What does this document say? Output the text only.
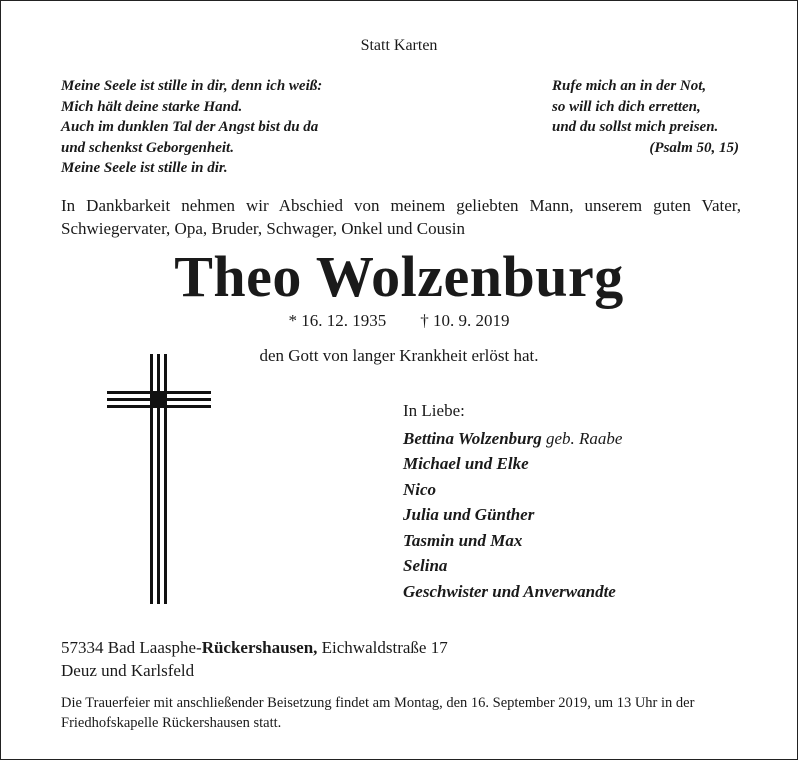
Statt Karten
Meine Seele ist stille in dir, denn ich weiß:
Mich hält deine starke Hand.
Auch im dunklen Tal der Angst bist du da
und schenkst Geborgenheit.
Meine Seele ist stille in dir.
Rufe mich an in der Not,
so will ich dich erretten,
und du sollst mich preisen.
(Psalm 50, 15)
In Dankbarkeit nehmen wir Abschied von meinem geliebten Mann, unserem guten Vater,
Schwiegervater, Opa, Bruder, Schwager, Onkel und Cousin
Theo Wolzenburg
* 16. 12. 1935        † 10. 9. 2019
den Gott von langer Krankheit erlöst hat.
In Liebe:
Bettina Wolzenburg geb. Raabe
Michael und Elke
Nico
Julia und Günther
Tasmin und Max
Selina
Geschwister und Anverwandte
57334 Bad Laasphe-Rückershausen, Eichwaldstraße 17
Deuz und Karlsfeld
Die Trauerfeier mit anschließender Beisetzung findet am Montag, den 16. September 2019, um 13 Uhr in der Friedhofskapelle Rückershausen statt.
